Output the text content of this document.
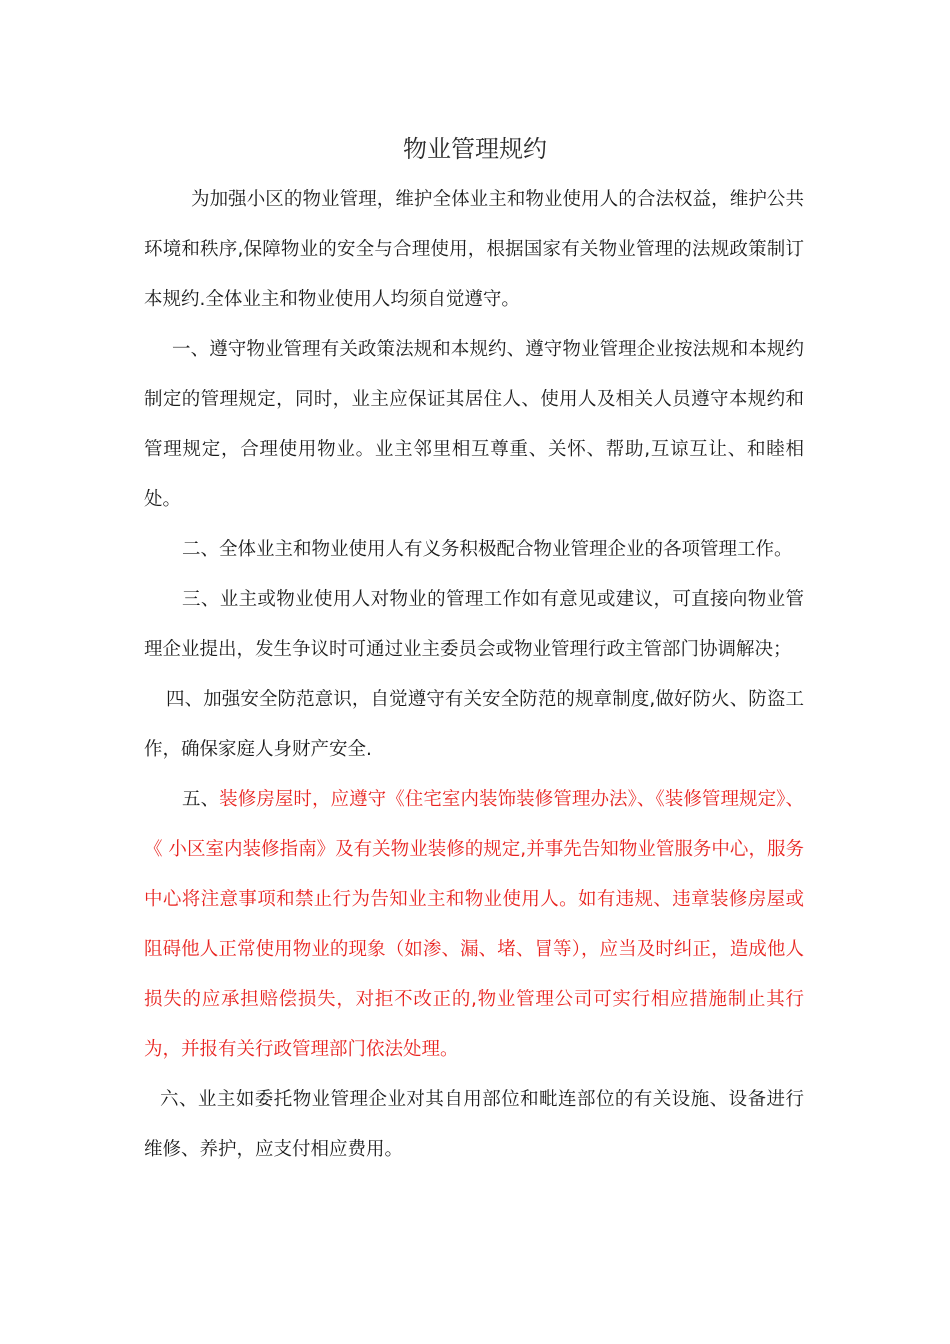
物业管理规约

为加强小区的物业管理，维护全体业主和物业使用人的合法权益，维护公共环境和秩序,保障物业的安全与合理使用，根据国家有关物业管理的法规政策制订本规约.全体业主和物业使用人均须自觉遵守。

一、遵守物业管理有关政策法规和本规约、遵守物业管理企业按法规和本规约制定的管理规定，同时，业主应保证其居住人、使用人及相关人员遵守本规约和管理规定，合理使用物业。业主邻里相互尊重、关怀、帮助,互谅互让、和睦相处。

二、全体业主和物业使用人有义务积极配合物业管理企业的各项管理工作。

三、业主或物业使用人对物业的管理工作如有意见或建议，可直接向物业管理企业提出，发生争议时可通过业主委员会或物业管理行政主管部门协调解决；

四、加强安全防范意识，自觉遵守有关安全防范的规章制度,做好防火、防盗工作，确保家庭人身财产安全.

五、装修房屋时，应遵守《住宅室内装饰装修管理办法》、《装修管理规定》、《 小区室内装修指南》及有关物业装修的规定,并事先告知物业管服务中心，服务中心将注意事项和禁止行为告知业主和物业使用人。如有违规、违章装修房屋或阻碍他人正常使用物业的现象（如渗、漏、堵、冒等），应当及时纠正，造成他人损失的应承担赔偿损失，对拒不改正的,物业管理公司可实行相应措施制止其行为，并报有关行政管理部门依法处理。

六、业主如委托物业管理企业对其自用部位和毗连部位的有关设施、设备进行维修、养护，应支付相应费用。
